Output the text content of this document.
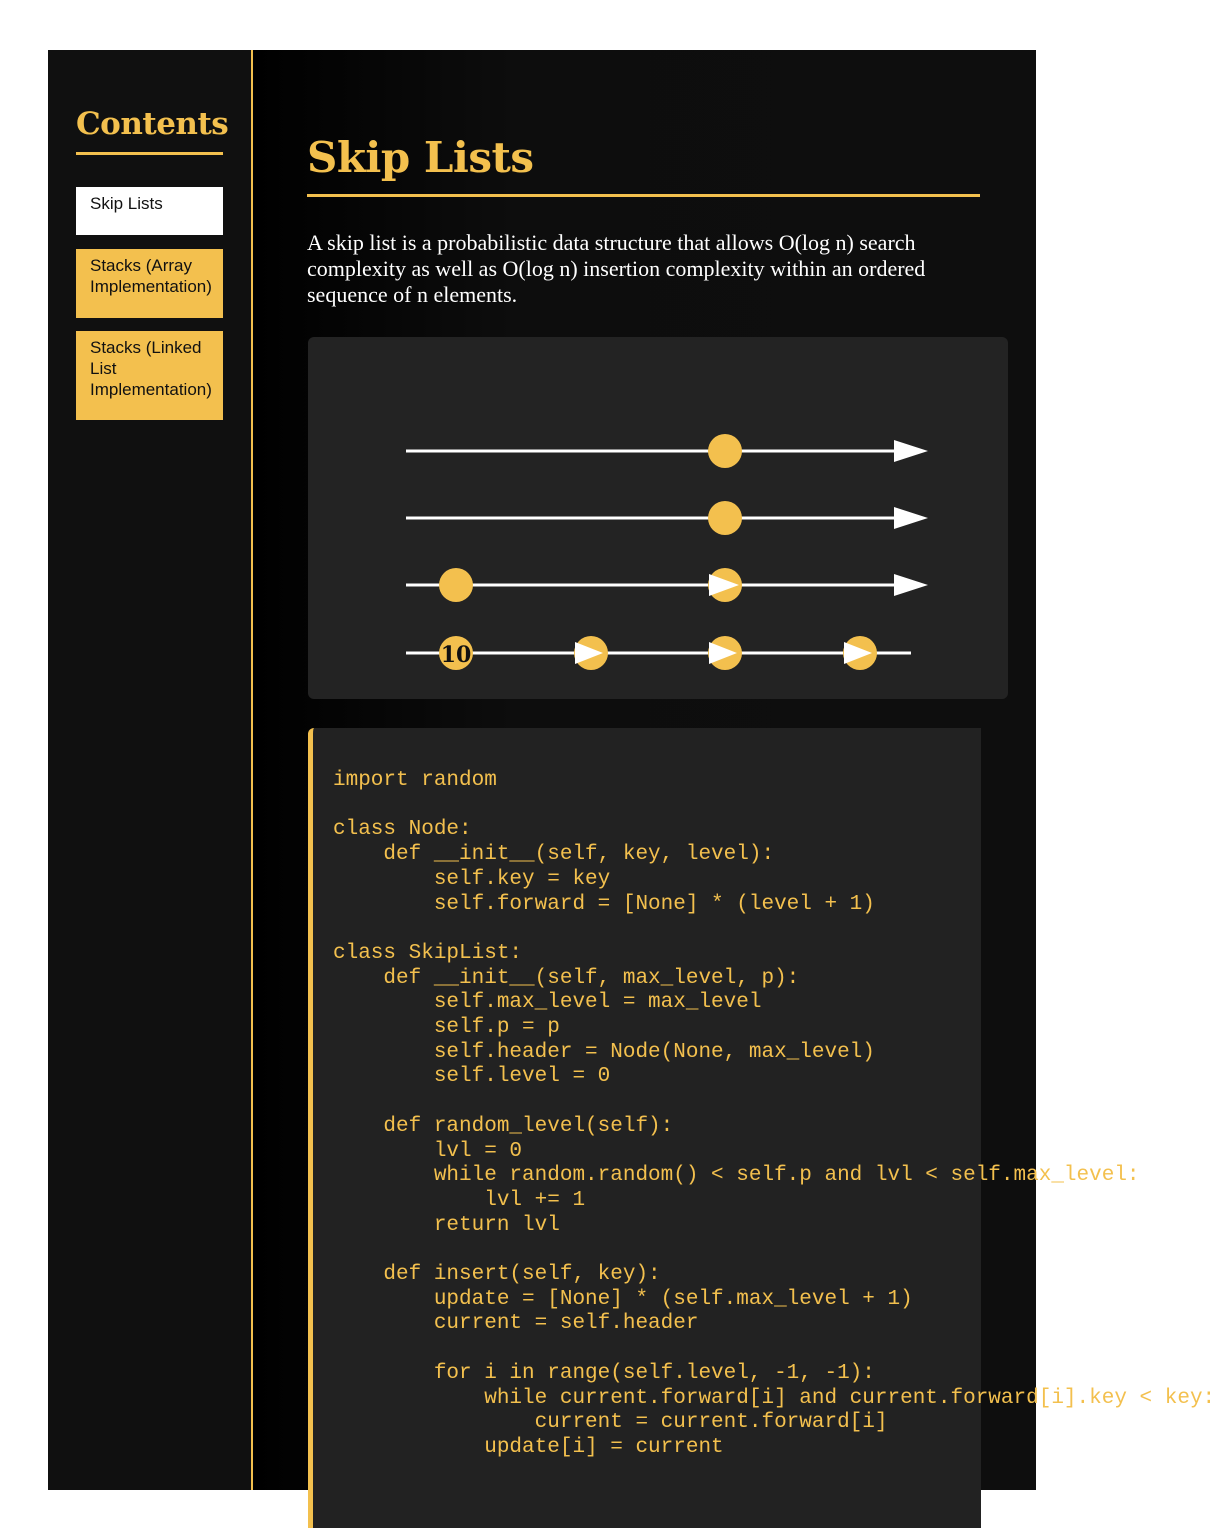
Contents
Skip Lists
Stacks (Array Implementation)
Stacks (Linked List Implementation)
Skip Lists

A skip list is a probabilistic data structure that allows O(log n) search complexity as well as O(log n) insertion complexity within an ordered sequence of n elements.

10
import random

class Node:
def __init__(self, key, level):
self.key = key
self.forward = [None] * (level + 1)

class SkipList:
def __init__(self, max_level, p):
self.max_level = max_level
self.p = p
self.header = Node(None, max_level)
self.level = 0

def random_level(self):
lvl = 0
while random.random() < self.p and lvl < self.max_level:
lvl += 1
return lvl

def insert(self, key):
update = [None] * (self.max_level + 1)
current = self.header

for i in range(self.level, -1, -1):
while current.forward[i] and current.forward[i].key < key:
current = current.forward[i]
update[i] = current
